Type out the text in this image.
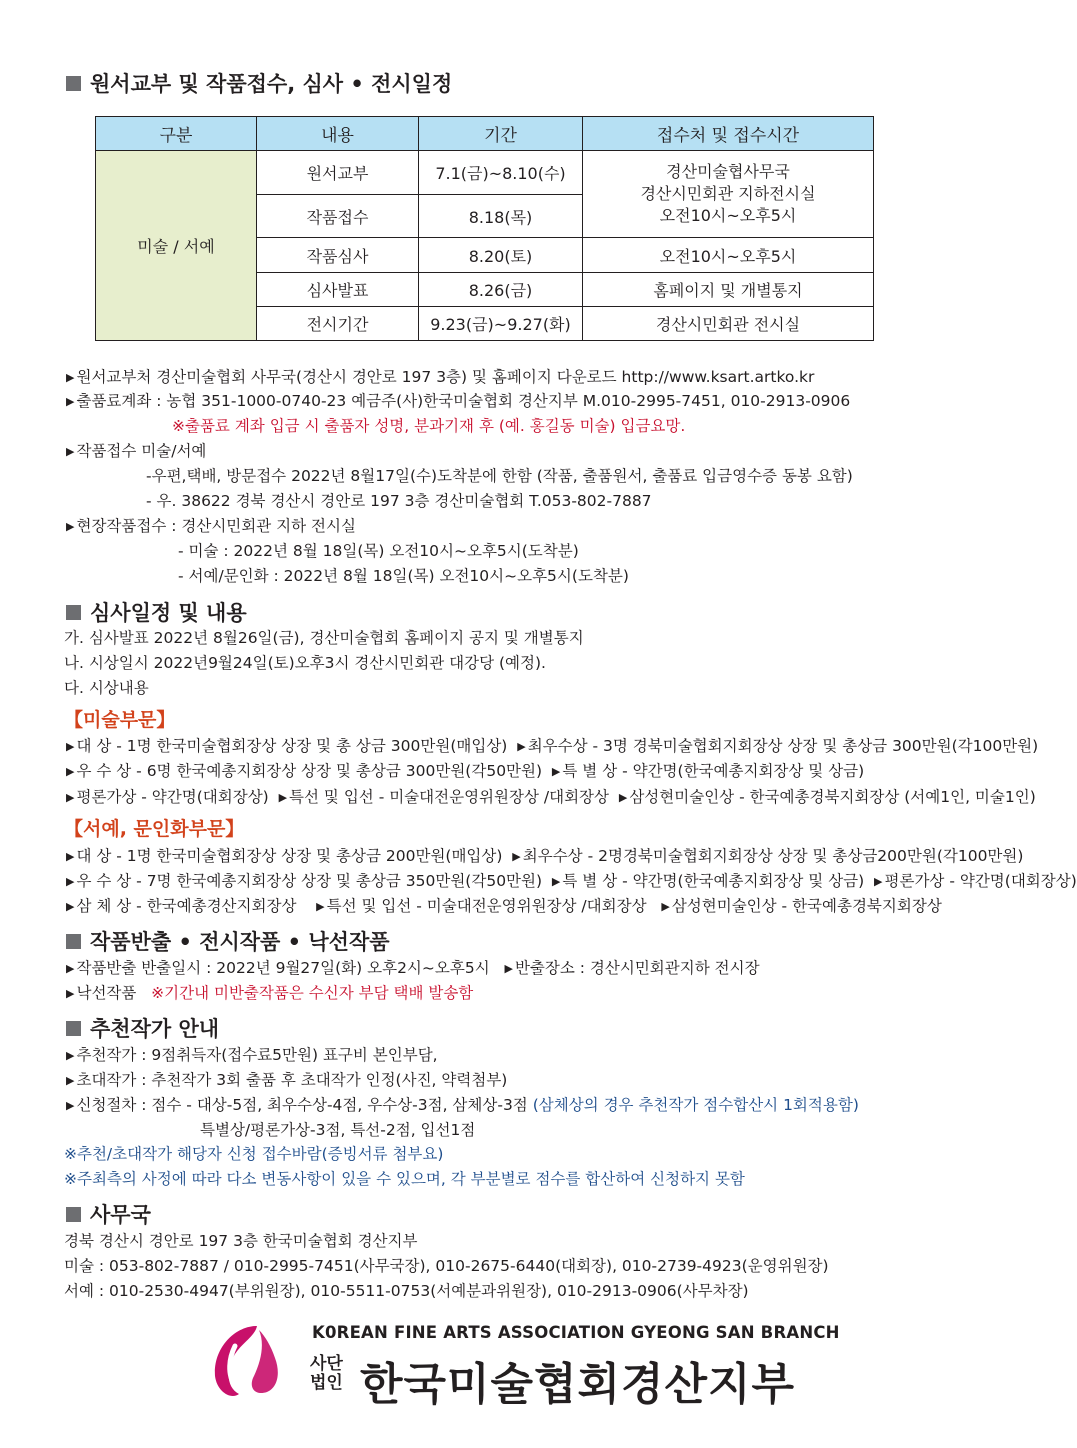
원서교부 및 작품접수, 심사 • 전시일정
구분	내용	기간	접수처 및 접수시간
미술 / 서예	원서교부	7.1(금)~8.10(수)	경산미술협사무국
경산시민회관 지하전시실
오전10시~오후5시

	작품접수	8.18(목)	
	작품심사	8.20(토)	오전10시~오후5시
	심사발표	8.26(금)	홈페이지 및 개별통지
	전시기간	9.23(금)~9.27(화)	경산시민회관 전시실
▶ 원서교부처 경산미술협회 사무국(경산시 경안로 197 3층) 및 홈페이지 다운로드 http://www.ksart.artko.kr
▶ 출품료계좌 : 농협 351-1000-0740-23 예금주(사)한국미술협회 경산지부 M.010-2995-7451, 010-2913-0906
※출품료 계좌 입금 시 출품자 성명, 분과기재 후 (예. 홍길동 미술) 입금요망.
▶ 작품접수 미술/서예
-우편,택배, 방문접수 2022년 8월17일(수)도착분에 한함 (작품, 출품원서, 출품료 입금영수증 동봉 요함)
- 우. 38622 경북 경산시 경안로 197 3층 경산미술협회 T.053-802-7887
▶ 현장작품접수 : 경산시민회관 지하 전시실
- 미술 : 2022년 8월 18일(목) 오전10시~오후5시(도착분)
- 서예/문인화 : 2022년 8월 18일(목) 오전10시~오후5시(도착분)
심사일정 및 내용
가. 심사발표 2022년 8월26일(금), 경산미술협회 홈페이지 공지 및 개별통지
나. 시상일시 2022년9월24일(토)오후3시 경산시민회관 대강당 (예정).
다. 시상내용
【미술부문】
▶ 대 상 - 1명 한국미술협회장상 상장 및 총 상금 300만원(매입상) ▶ 최우수상 - 3명 경북미술협회지회장상 상장 및 총상금 300만원(각100만원)
▶ 우 수 상 - 6명 한국예총지회장상 상장 및 총상금 300만원(각50만원) ▶ 특 별 상 - 약간명(한국예총지회장상 및 상금)
▶ 평론가상 - 약간명(대회장상) ▶ 특선 및 입선 - 미술대전운영위원장상 /대회장상 ▶ 삼성현미술인상 - 한국예총경북지회장상 (서예1인, 미술1인)
【서예, 문인화부문】
▶ 대 상 - 1명 한국미술협회장상 상장 및 총상금 200만원(매입상) ▶ 최우수상 - 2명경북미술협회지회장상 상장 및 총상금200만원(각100만원)
▶ 우 수 상 - 7명 한국예총지회장상 상장 및 총상금 350만원(각50만원) ▶ 특 별 상 - 약간명(한국예총지회장상 및 상금) ▶ 평론가상 - 약간명(대회장상)
▶ 삼 체 상 - 한국예총경산지회장상 ▶ 특선 및 입선 - 미술대전운영위원장상 /대회장상 ▶ 삼성현미술인상 - 한국예총경북지회장상
작품반출 • 전시작품 • 낙선작품
▶ 작품반출 반출일시 : 2022년 9월27일(화) 오후2시~오후5시 ▶ 반출장소 : 경산시민회관지하 전시장
▶ 낙선작품 ※기간내 미반출작품은 수신자 부담 택배 발송함
추천작가 안내
▶ 추천작가 : 9점취득자(접수료5만원) 표구비 본인부담,
▶ 초대작가 : 추천작가 3회 출품 후 초대작가 인정(사진, 약력첨부)
▶ 신청절차 : 점수 - 대상-5점, 최우수상-4점, 우수상-3점, 삼체상-3점 (삼체상의 경우 추천작가 점수합산시 1회적용함)
특별상/평론가상-3점, 특선-2점, 입선1점
※추천/초대작가 해당자 신청 접수바람(증빙서류 첨부요)
※주최측의 사정에 따라 다소 변동사항이 있을 수 있으며, 각 부분별로 점수를 합산하여 신청하지 못함
사무국
경북 경산시 경안로 197 3층 한국미술협회 경산지부
미술 : 053-802-7887 / 010-2995-7451(사무국장), 010-2675-6440(대회장), 010-2739-4923(운영위원장)
서예 : 010-2530-4947(부위원장), 010-5511-0753(서예분과위원장), 010-2913-0906(사무차장)
K0REAN FINE ARTS ASSOCIATION GYEONG SAN BRANCH
사단
법인 한국미술협회경산지부
